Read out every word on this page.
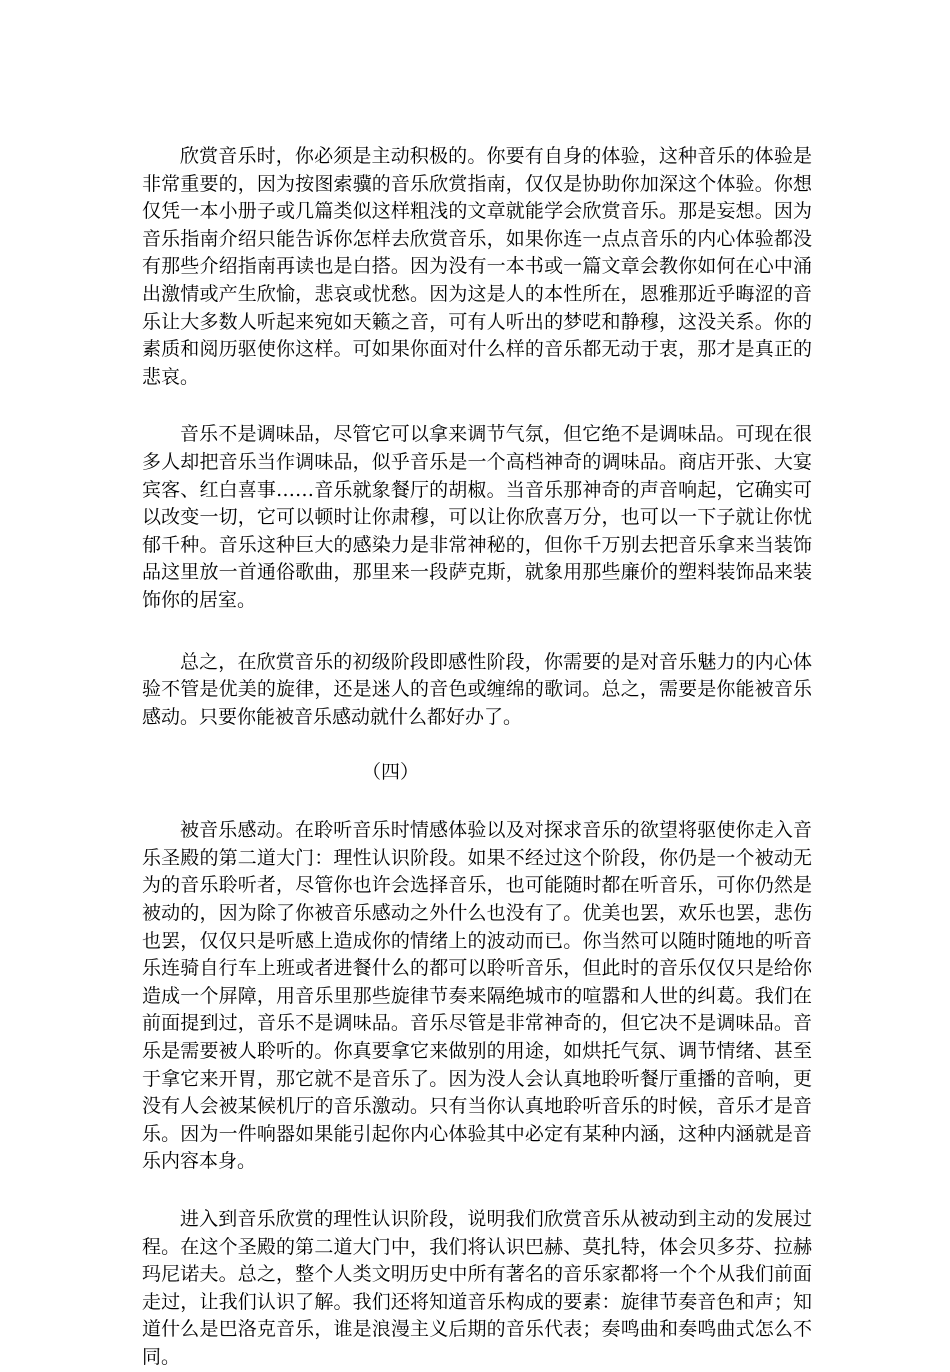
欣赏音乐时，你必须是主动积极的。你要有自身的体验，这种音乐的体验是非常重要的，因为按图索骥的音乐欣赏指南，仅仅是协助你加深这个体验。你想仅凭一本小册子或几篇类似这样粗浅的文章就能学会欣赏音乐。那是妄想。因为音乐指南介绍只能告诉你怎样去欣赏音乐，如果你连一点点音乐的内心体验都没有那些介绍指南再读也是白搭。因为没有一本书或一篇文章会教你如何在心中涌出激情或产生欣愉，悲哀或忧愁。因为这是人的本性所在，恩雅那近乎晦涩的音乐让大多数人听起来宛如天籁之音，可有人听出的梦呓和静穆，这没关系。你的素质和阅历驱使你这样。可如果你面对什么样的音乐都无动于衷，那才是真正的悲哀。

音乐不是调味品，尽管它可以拿来调节气氛，但它绝不是调味品。可现在很多人却把音乐当作调味品，似乎音乐是一个高档神奇的调味品。商店开张、大宴宾客、红白喜事……音乐就象餐厅的胡椒。当音乐那神奇的声音响起，它确实可以改变一切，它可以顿时让你肃穆，可以让你欣喜万分，也可以一下子就让你忧郁千种。音乐这种巨大的感染力是非常神秘的，但你千万别去把音乐拿来当装饰品这里放一首通俗歌曲，那里来一段萨克斯，就象用那些廉价的塑料装饰品来装饰你的居室。

总之，在欣赏音乐的初级阶段即感性阶段，你需要的是对音乐魅力的内心体验不管是优美的旋律，还是迷人的音色或缠绵的歌词。总之，需要是你能被音乐感动。只要你能被音乐感动就什么都好办了。

（四）

被音乐感动。在聆听音乐时情感体验以及对探求音乐的欲望将驱使你走入音乐圣殿的第二道大门：理性认识阶段。如果不经过这个阶段，你仍是一个被动无为的音乐聆听者，尽管你也许会选择音乐，也可能随时都在听音乐，可你仍然是被动的，因为除了你被音乐感动之外什么也没有了。优美也罢，欢乐也罢，悲伤也罢，仅仅只是听感上造成你的情绪上的波动而已。你当然可以随时随地的听音乐连骑自行车上班或者进餐什么的都可以聆听音乐，但此时的音乐仅仅只是给你造成一个屏障，用音乐里那些旋律节奏来隔绝城市的喧嚣和人世的纠葛。我们在前面提到过，音乐不是调味品。音乐尽管是非常神奇的，但它决不是调味品。音乐是需要被人聆听的。你真要拿它来做别的用途，如烘托气氛、调节情绪、甚至于拿它来开胃，那它就不是音乐了。因为没人会认真地聆听餐厅重播的音响，更没有人会被某候机厅的音乐激动。只有当你认真地聆听音乐的时候，音乐才是音乐。因为一件响器如果能引起你内心体验其中必定有某种内涵，这种内涵就是音乐内容本身。

进入到音乐欣赏的理性认识阶段，说明我们欣赏音乐从被动到主动的发展过程。在这个圣殿的第二道大门中，我们将认识巴赫、莫扎特，体会贝多芬、拉赫玛尼诺夫。总之，整个人类文明历史中所有著名的音乐家都将一个个从我们前面走过，让我们认识了解。我们还将知道音乐构成的要素：旋律节奏音色和声；知道什么是巴洛克音乐，谁是浪漫主义后期的音乐代表；奏鸣曲和奏鸣曲式怎么不同。
